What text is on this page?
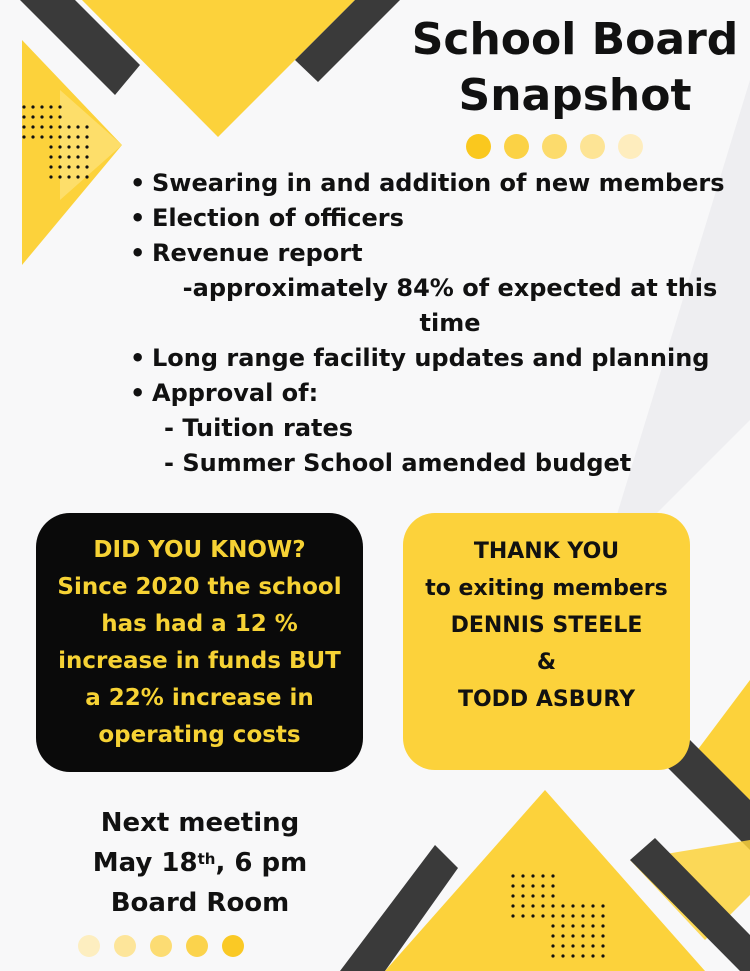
School Board
Snapshot
• Swearing in and addition of new members
• Election of officers
• Revenue report
-approximately 84% of expected at this time
• Long range facility updates and planning
• Approval of:
- Tuition rates
- Summer School amended budget
DID YOU KNOW?
Since 2020 the school
has had a 12 %
increase in funds BUT
a 22% increase in
operating costs
THANK YOU
to exiting members
DENNIS STEELE
&
TODD ASBURY
Next meeting
May 18th, 6 pm
Board Room
